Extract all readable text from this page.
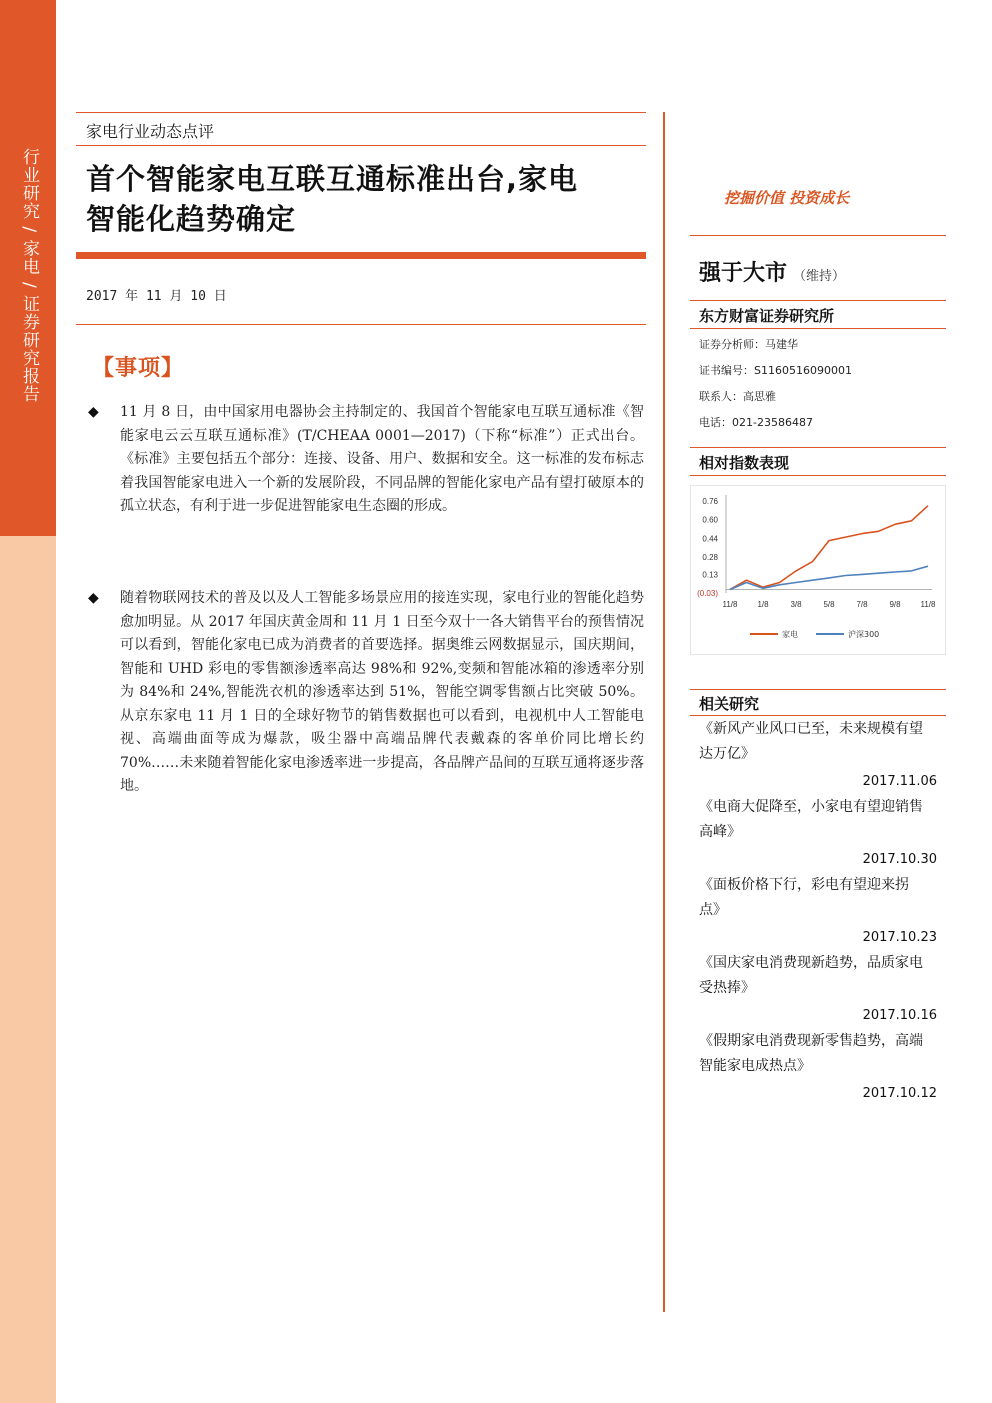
行业研究 / 家电 / 证券研究报告
家电行业动态点评
首个智能家电互联互通标准出台,家电
智能化趋势确定
2017 年 11 月 10 日
【事项】
◆ 11 月 8 日，由中国家用电器协会主持制定的、我国首个智能家电互联互通标准《智能家电云云互联互通标准》(T/CHEAA 0001—2017)（下称“标准”）正式出台。《标准》主要包括五个部分：连接、设备、用户、数据和安全。这一标准的发布标志着我国智能家电进入一个新的发展阶段，不同品牌的智能化家电产品有望打破原本的孤立状态，有利于进一步促进智能家电生态圈的形成。
◆ 随着物联网技术的普及以及人工智能多场景应用的接连实现，家电行业的智能化趋势愈加明显。从 2017 年国庆黄金周和 11 月 1 日至今双十一各大销售平台的预售情况可以看到，智能化家电已成为消费者的首要选择。据奥维云网数据显示，国庆期间，智能和 UHD 彩电的零售额渗透率高达 98%和 92%,变频和智能冰箱的渗透率分别为 84%和 24%,智能洗衣机的渗透率达到 51%，智能空调零售额占比突破 50%。从京东家电 11 月 1 日的全球好物节的销售数据也可以看到，电视机中人工智能电视、高端曲面等成为爆款，吸尘器中高端品牌代表戴森的客单价同比增长约 70%……未来随着智能化家电渗透率进一步提高，各品牌产品间的互联互通将逐步落地。
挖掘价值 投资成长
强于大市 （维持）
东方财富证券研究所
证券分析师：马建华
证书编号：S1160516090001
联系人：高思雅
电话：021-23586487
相对指数表现
0.76
0.60
0.44
0.28
0.13
(0.03)
11/8 1/8	3/8	5/8	7/8	9/8 11/8
家电	沪深300
相关研究
《新风产业风口已至，未来规模有望
达万亿》
2017.11.06
《电商大促降至，小家电有望迎销售
高峰》
2017.10.30
《面板价格下行，彩电有望迎来拐
点》
2017.10.23
《国庆家电消费现新趋势，品质家电
受热捧》
2017.10.16
《假期家电消费现新零售趋势，高端
智能家电成热点》
2017.10.12
